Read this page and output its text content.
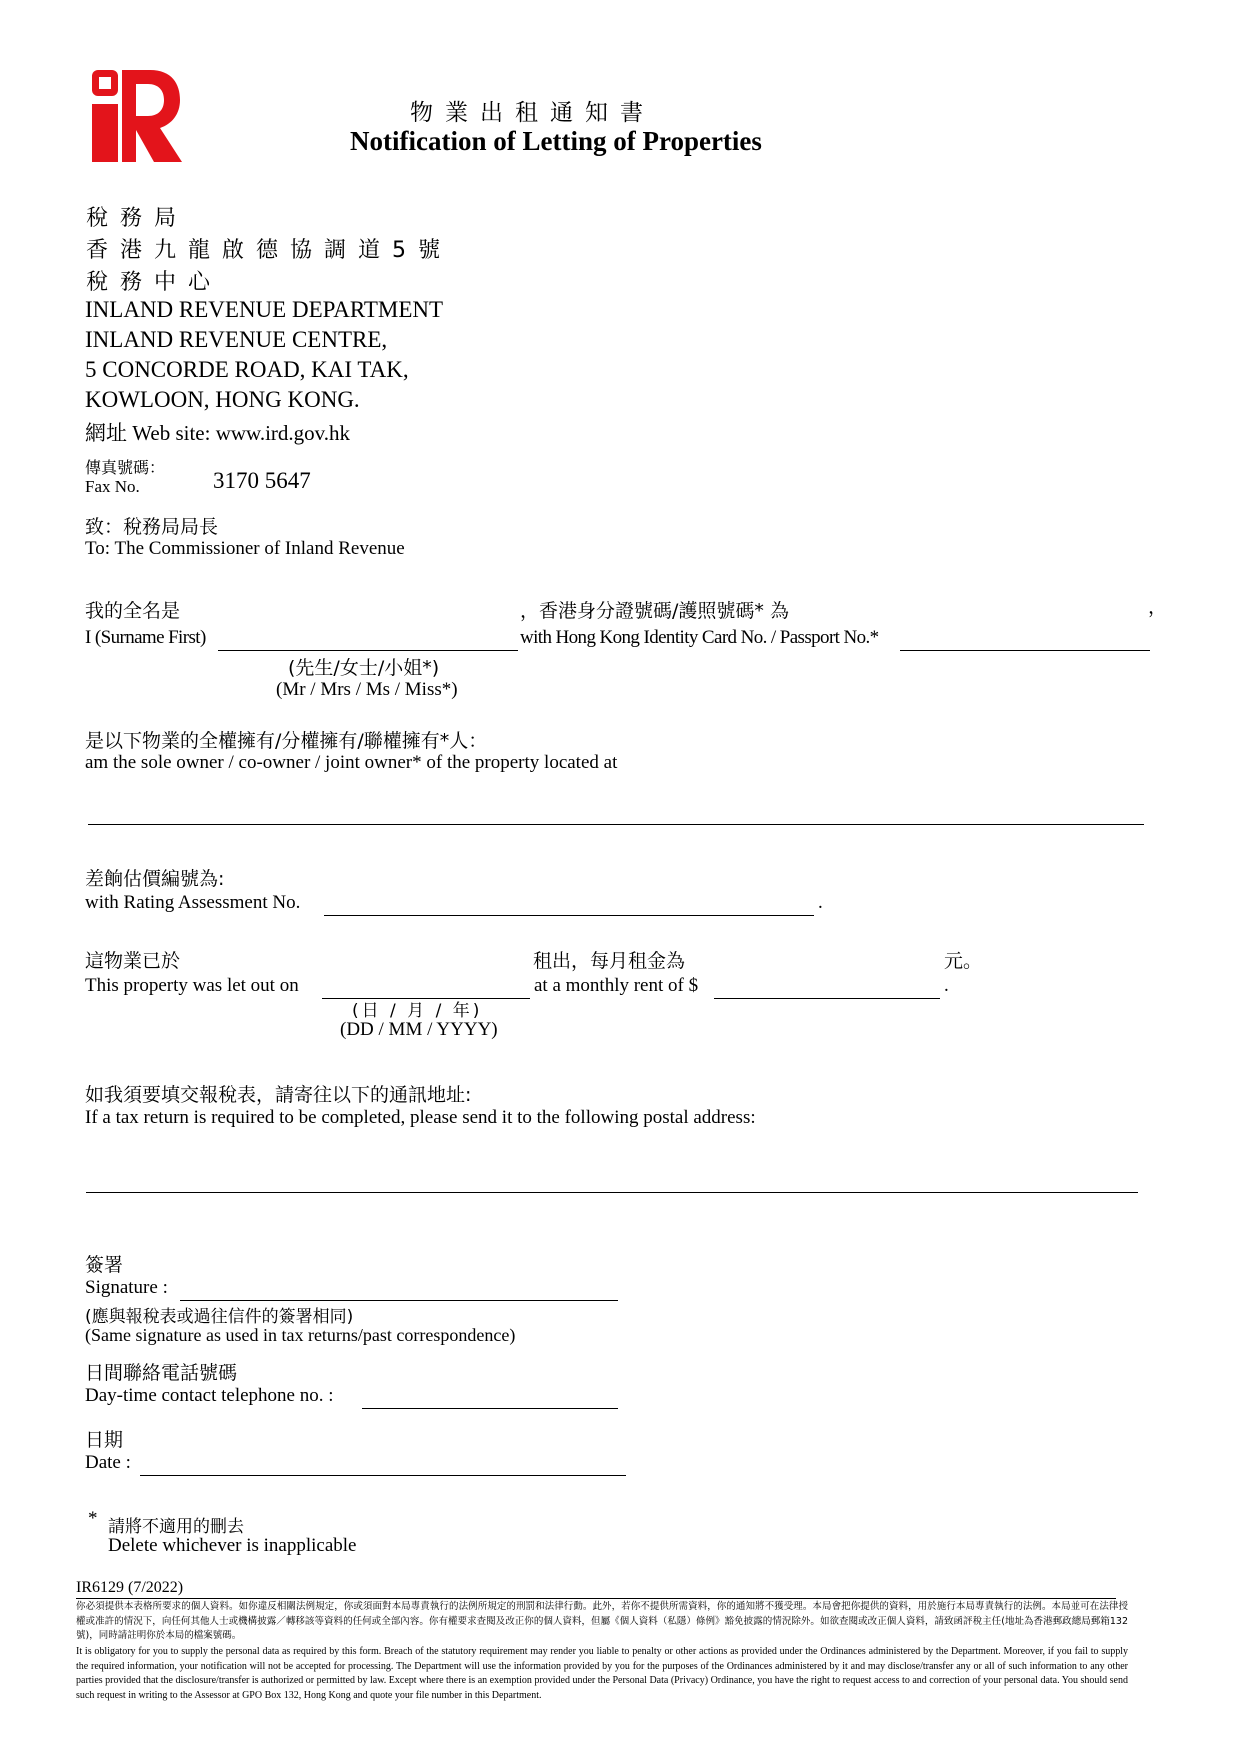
物業出租通知書
Notification of Letting of Properties
稅務局
香港九龍啟德協調道5號
稅務中心
INLAND REVENUE DEPARTMENT
INLAND REVENUE CENTRE,
5 CONCORDE ROAD, KAI TAK,
KOWLOON, HONG KONG.
網址 Web site: www.ird.gov.hk
傳真號碼：
Fax No.	3170 5647
致：稅務局局長
To: The Commissioner of Inland Revenue
我的全名是	，香港身分證號碼/護照號碼* 為	，
I (Surname First)	with Hong Kong Identity Card No. / Passport No.*
(先生/女士/小姐*)
(Mr / Mrs / Ms / Miss*)
是以下物業的全權擁有/分權擁有/聯權擁有*人：
am the sole owner / co-owner / joint owner* of the property located at
差餉估價編號為:
with Rating Assessment No.	.
這物業已於	租出，每月租金為	元。
This property was let out on	at a monthly rent of $	.
(日 / 月 / 年)
(DD / MM / YYYY)
如我須要填交報稅表，請寄往以下的通訊地址:
If a tax return is required to be completed, please send it to the following postal address:
簽署
Signature :
(應與報稅表或過往信件的簽署相同)
(Same signature as used in tax returns/past correspondence)
日間聯絡電話號碼
Day-time contact telephone no. :
日期
Date :
* 請將不適用的刪去
Delete whichever is inapplicable
IR6129 (7/2022)
你必須提供本表格所要求的個人資料。如你違反相關法例規定，你或須面對本局專責執行的法例所規定的刑罰和法律行動。此外，若你不提供所需資料，你的通知將不獲受理。本局會把你提供的資料，用於施行本局專責執行的法例。本局並可在法律授權或准許的情況下，向任何其他人士或機構披露／轉移該等資料的任何或全部內容。你有權要求查閱及改正你的個人資料，但屬《個人資料（私隱）條例》豁免披露的情況除外。如欲查閱或改正個人資料，請致函評稅主任(地址為香港郵政總局郵箱132號)，同時請註明你於本局的檔案號碼。
It is obligatory for you to supply the personal data as required by this form. Breach of the statutory requirement may render you liable to penalty or other actions as provided under the Ordinances administered by the Department. Moreover, if you fail to supply the required information, your notification will not be accepted for processing. The Department will use the information provided by you for the purposes of the Ordinances administered by it and may disclose/transfer any or all of such information to any other parties provided that the disclosure/transfer is authorized or permitted by law. Except where there is an exemption provided under the Personal Data (Privacy) Ordinance, you have the right to request access to and correction of your personal data. You should send such request in writing to the Assessor at GPO Box 132, Hong Kong and quote your file number in this Department.
